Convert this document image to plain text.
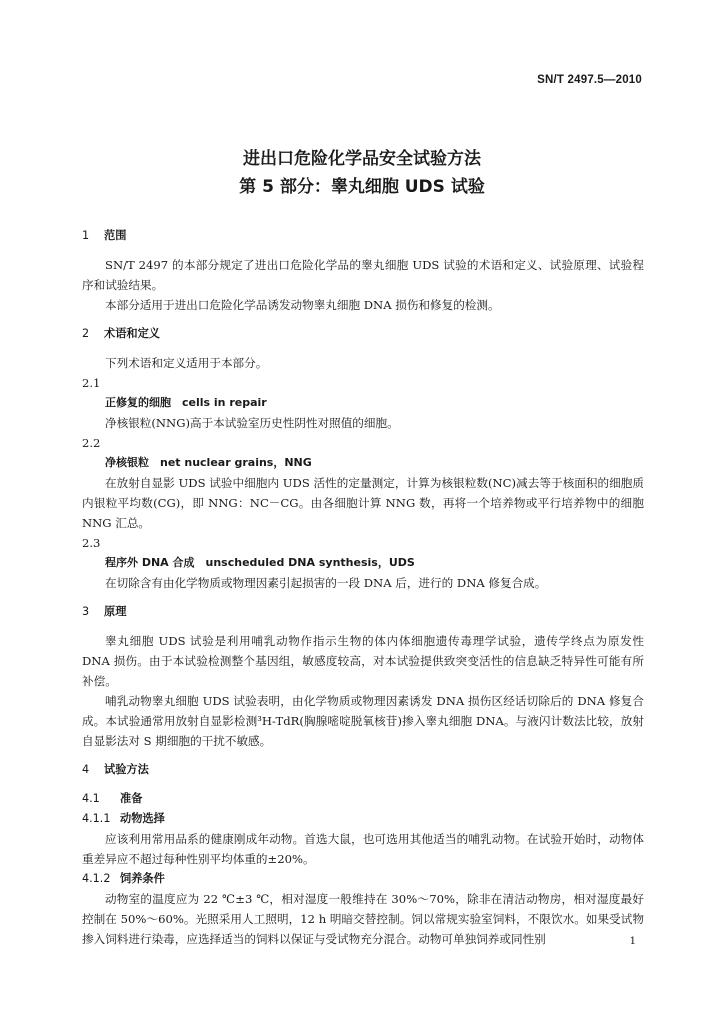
SN/T 2497.5—2010
进出口危险化学品安全试验方法
第 5 部分：睾丸细胞 UDS 试验
1 范围

SN/T 2497 的本部分规定了进出口危险化学品的睾丸细胞 UDS 试验的术语和定义、试验原理、试验程序和试验结果。

本部分适用于进出口危险化学品诱发动物睾丸细胞 DNA 损伤和修复的检测。

2 术语和定义

下列术语和定义适用于本部分。

2.1

正修复的细胞　cells in repair

净核银粒(NNG)高于本试验室历史性阴性对照值的细胞。

2.2

净核银粒　net nuclear grains，NNG

在放射自显影 UDS 试验中细胞内 UDS 活性的定量测定，计算为核银粒数(NC)减去等于核面积的细胞质内银粒平均数(CG)，即 NNG：NC－CG。由各细胞计算 NNG 数，再将一个培养物或平行培养物中的细胞 NNG 汇总。

2.3

程序外 DNA 合成　unscheduled DNA synthesis，UDS

在切除含有由化学物质或物理因素引起损害的一段 DNA 后，进行的 DNA 修复合成。

3 原理

睾丸细胞 UDS 试验是利用哺乳动物作指示生物的体内体细胞遗传毒理学试验，遗传学终点为原发性 DNA 损伤。由于本试验检测整个基因组，敏感度较高，对本试验提供致突变活性的信息缺乏特异性可能有所补偿。

哺乳动物睾丸细胞 UDS 试验表明，由化学物质或物理因素诱发 DNA 损伤区经话切除后的 DNA 修复合成。本试验通常用放射自显影检测³H-TdR(胸腺嘧啶脱氧核苷)掺入睾丸细胞 DNA。与液闪计数法比较，放射自显影法对 S 期细胞的干扰不敏感。

4 试验方法
4.1 准备
4.1.1 动物选择

应该利用常用品系的健康刚成年动物。首选大鼠，也可选用其他适当的哺乳动物。在试验开始时，动物体重差异应不超过每种性别平均体重的±20%。

4.1.2 饲养条件

动物室的温度应为 22 ℃±3 ℃，相对湿度一般维持在 30%～70%，除非在清洁动物房，相对湿度最好控制在 50%～60%。光照采用人工照明，12 h 明暗交替控制。饲以常规实验室饲料，不限饮水。如果受试物掺入饲料进行染毒，应选择适当的饲料以保证与受试物充分混合。动物可单独饲养或同性别	1
